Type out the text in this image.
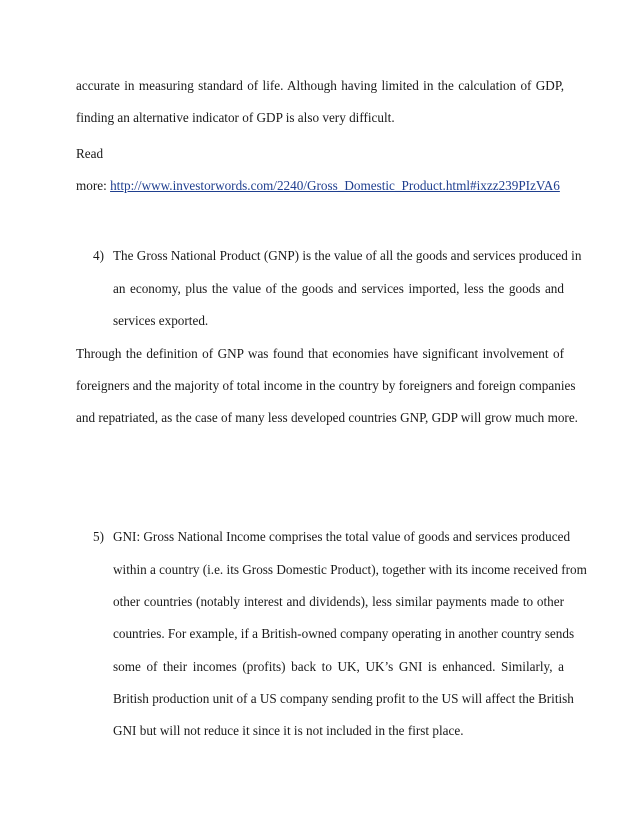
accurate in measuring standard of life. Although having limited in the calculation of GDP,
finding an alternative indicator of GDP is also very difficult.
Read
more: http://www.investorwords.com/2240/Gross_Domestic_Product.html#ixzz239PIzVA6
4) The Gross National Product (GNP) is the value of all the goods and services produced in
an economy, plus the value of the goods and services imported, less the goods and
services exported.
Through the definition of GNP was found that economies have significant involvement of
foreigners and the majority of total income in the country by foreigners and foreign companies
and repatriated, as the case of many less developed countries GNP, GDP will grow much more.
5) GNI: Gross National Income comprises the total value of goods and services produced
within a country (i.e. its Gross Domestic Product), together with its income received from
other countries (notably interest and dividends), less similar payments made to other
countries. For example, if a British-owned company operating in another country sends
some of their incomes (profits) back to UK, UK’s GNI is enhanced. Similarly, a
British production unit of a US company sending profit to the US will affect the British
GNI but will not reduce it since it is not included in the first place.
